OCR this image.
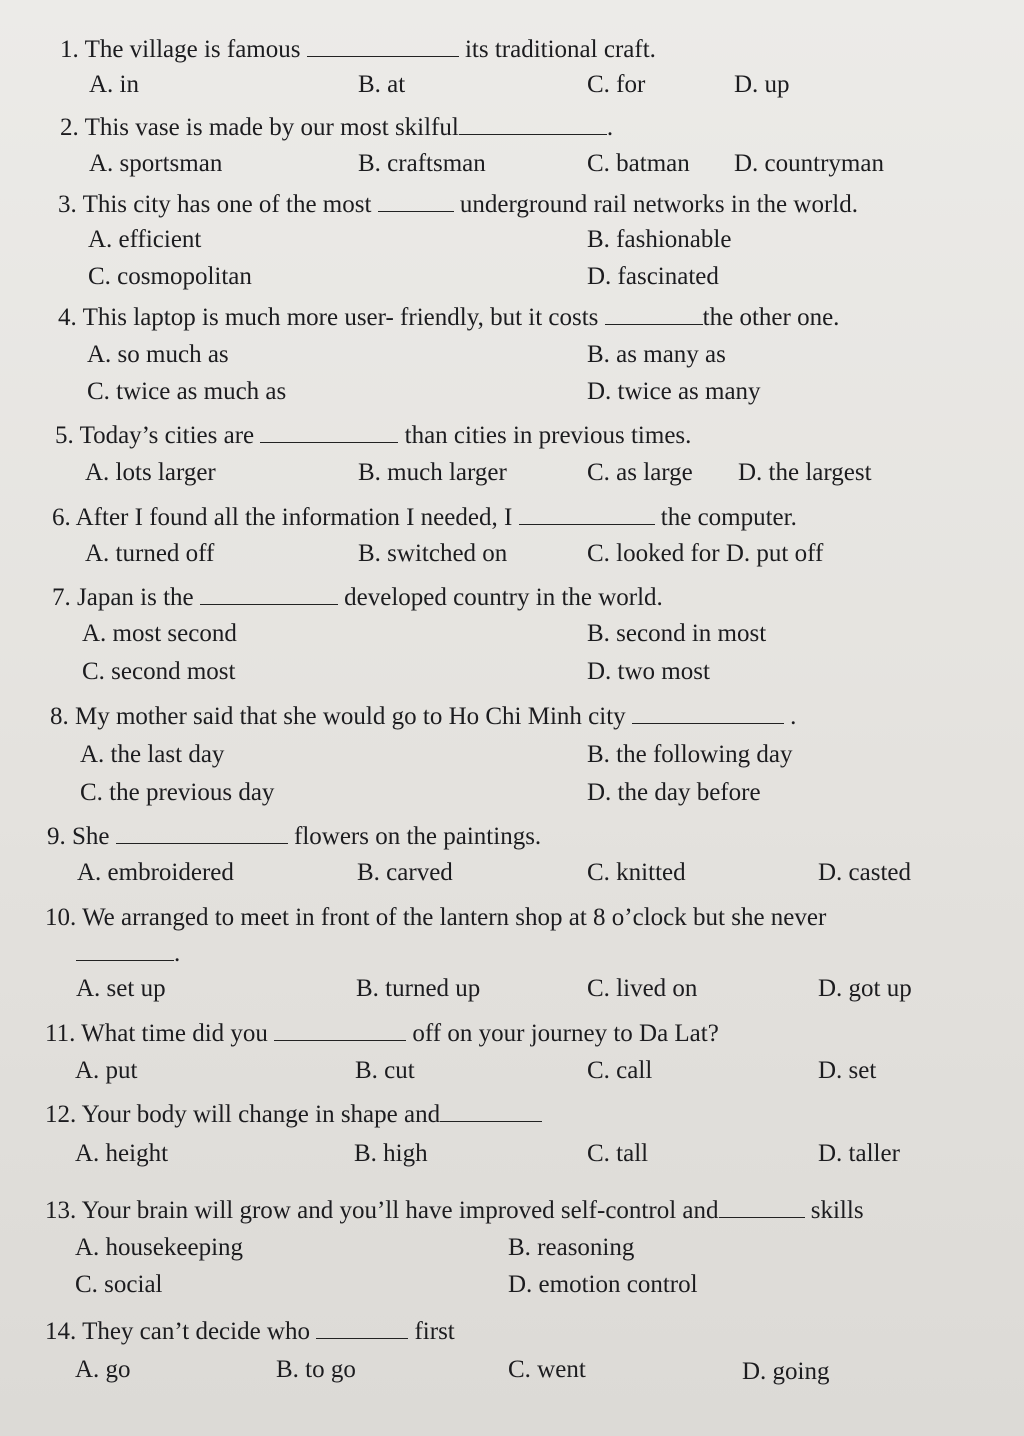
1. The village is famous	its traditional craft.
A. in	B. at	C. for	D. up
2. This vase is made by our most skilful	.
A. sportsman	B. craftsman	C. batman D. countryman
3. This city has one of the most	underground rail networks in the world.
A. efficient	B. fashionable
C. cosmopolitan	D. fascinated
4. This laptop is much more user- friendly, but it costs	the other one.
A. so much as	B. as many as
C. twice as much as	D. twice as many
5. Today’s cities are	than cities in previous times.
A. lots larger	B. much larger	C. as large D. the largest
6. After I found all the information I needed, I	the computer.
A. turned off	B. switched on	C. looked for D. put off
7. Japan is the	developed country in the world.
A. most second	B. second in most
C. second most	D. two most
8. My mother said that she would go to Ho Chi Minh city	.
A. the last day	B. the following day
C. the previous day	D. the day before
9. She	flowers on the paintings.
A. embroidered	B. carved	C. knitted	D. casted
10. We arranged to meet in front of the lantern shop at 8 o’clock but she never
.
A. set up	B. turned up	C. lived on	D. got up
11. What time did you	off on your journey to Da Lat?
A. put	B. cut	C. call	D. set
12. Your body will change in shape and
A. height	B. high	C. tall	D. taller
13. Your brain will grow and you’ll have improved self-control and	skills
A. housekeeping	B. reasoning
C. social	D. emotion control
14. They can’t decide who	first
A. go	B. to go	C. went	D. going
